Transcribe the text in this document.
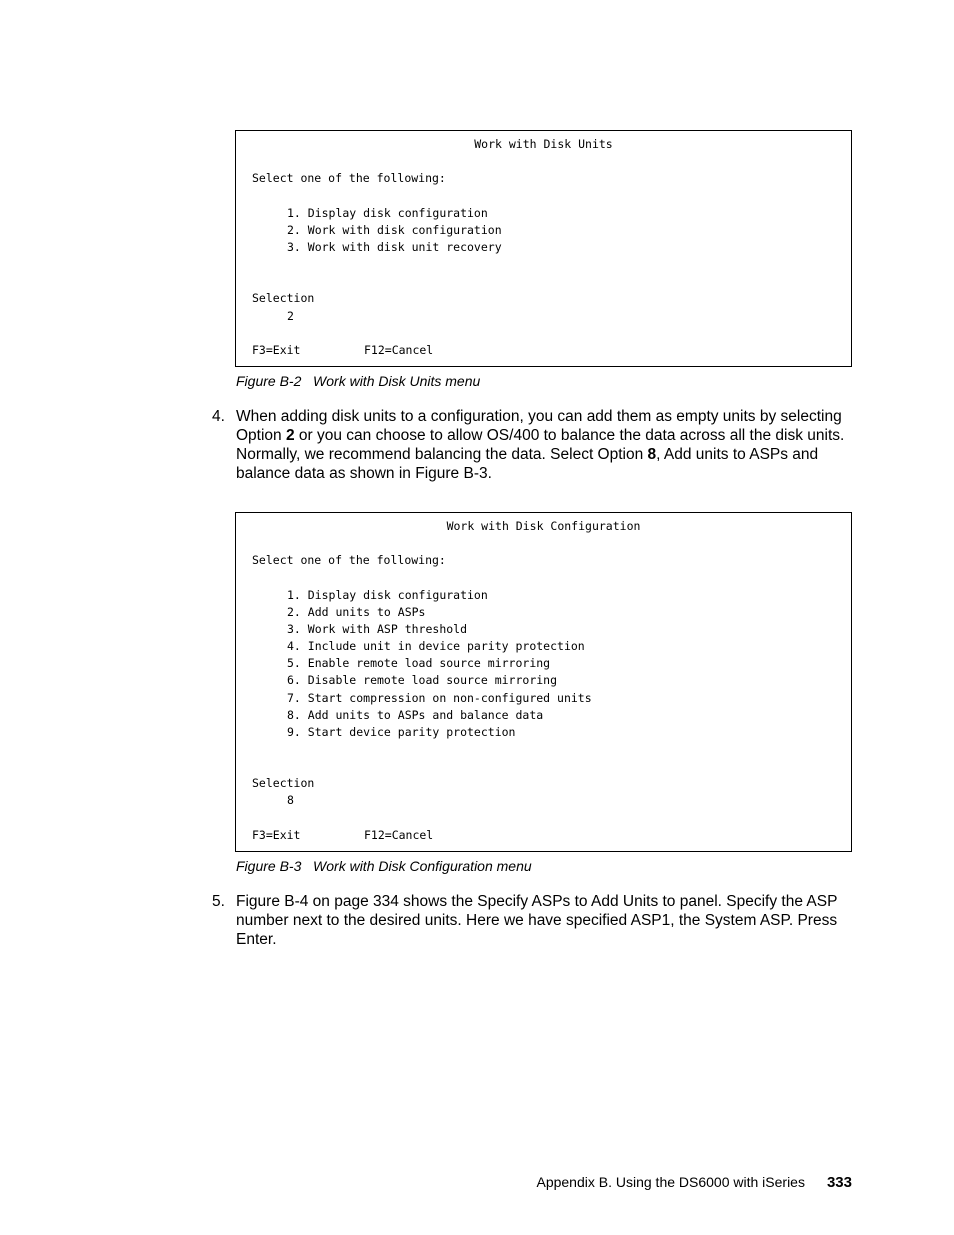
Work with Disk Units
Select one of the following:
1. Display disk configuration
2. Work with disk configuration
3. Work with disk unit recovery
Selection
2
F3=Exit	F12=Cancel
Figure B-2 Work with Disk Units menu
4. When adding disk units to a configuration, you can add them as empty units by selecting Option 2 or you can choose to allow OS/400 to balance the data across all the disk units. Normally, we recommend balancing the data. Select Option 8, Add units to ASPs and balance data as shown in Figure B-3.
Work with Disk Configuration
Select one of the following:
1. Display disk configuration
2. Add units to ASPs
3. Work with ASP threshold
4. Include unit in device parity protection
5. Enable remote load source mirroring
6. Disable remote load source mirroring
7. Start compression on non-configured units
8. Add units to ASPs and balance data
9. Start device parity protection
Selection
8
F3=Exit	F12=Cancel
Figure B-3 Work with Disk Configuration menu
5. Figure B-4 on page 334 shows the Specify ASPs to Add Units to panel. Specify the ASP number next to the desired units. Here we have specified ASP1, the System ASP. Press Enter.
Appendix B. Using the DS6000 with iSeries 333
